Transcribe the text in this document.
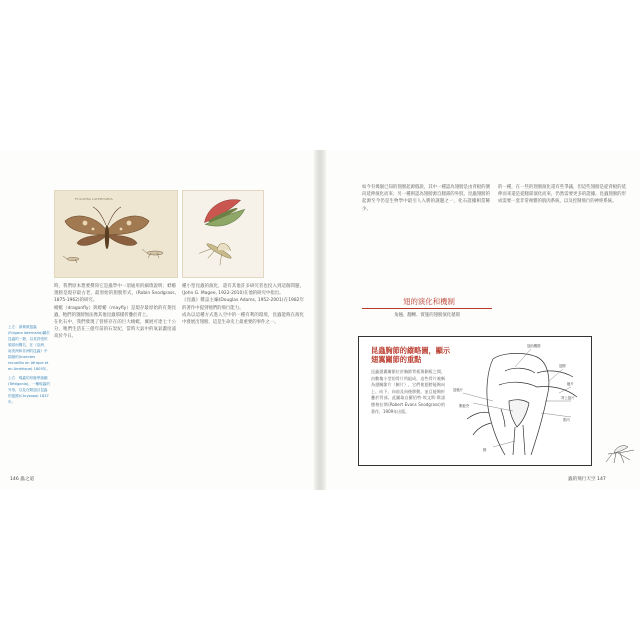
FULGORA LATERNARIA

上左：兩條微翅蟲(Fulgora laternaria)屬於昆蟲的一類，以其誇張的頭部而聞名，在《亞洲、南美洲和非洲的昆蟲》中描繪的(Insectes recueillis en Afrique et en Amérique) 1805年。

上右：蝗蟲的形態學繪圖 (Tettigonia)，一種蝗蟲的外形，以及在鞘翅目昆蟲的翅膀(Chrysopa) 1837 年。

時，我們原本想要撰寫它是蟲學中一項通用的細瑣說明；蜉蝣翅膀是現存最古老、最原始的翅膀形式，(Robin Snodgrass, 1875-1962)的研究。

蜻蜓（dragonfly）與蜉蝣（mayfly）是現存最原始的有翅昆蟲，牠們的翅膀無法像其他昆蟲那樣折疊於背上。

在化石中，我們發現了曾經存在的巨大蜻蜓，翼展可達七十公分，牠們生活在三億年前的石炭紀，當時大氣中的氧氣濃度遠高於今日。

種小型昆蟲的演化，還有其他許多研究者也投入到這個問題，(John G. Magee, 1922-2010)在他的研究中指出。

《昆蟲》雜誌主編(Douglas Adams, 1952-2001)在1982年的著作中提到牠們的飛行能力。

成為以這種方式進入空中的一種有利的環境，昆蟲能夠在演化中發展出翅膀，這是生命史上最重要的事件之一。

146 蟲之道

如今有幾個已知的翅膀起源假說，其中一種認為翅膀是由背板的側向延伸演化而來；另一種則認為翅膀源自腿部的外肢。昆蟲翅膀的起源至今仍是生物學中最引人入勝的謎題之一，化石證據相當稀少。

的一種，在一些的翅膀演化還有些爭議，但這些翅膀是從背板的延伸而來還是從腿部演化而來，仍然需要更多的證據。昆蟲翅膀的形成需要一套非常複雜的肌肉系統，以及控制飛行的神經系統。

翅的演化和機制
角翹、翻轉、實施的翅膀演化循環
昆蟲胸節的縱略圖，顯示翅翼關節的重點
昆蟲翅翼關節位於胸節背板與側板之間，由數塊小型的骨片所組成，這些骨片被稱為翅關節片（腋片），它們使翅膀能夠向上、向下、向前及向後移動，並且能夠折疊於背部。此圖取自羅伯特·埃文斯·斯諾德格拉斯(Robert Evans Snodgrass)的著作，1909年出版。
翅前關節
翅膀
腋片
背上翅片
肌肉
翅後片
側板突
腿
蟲的飛行天空 147
